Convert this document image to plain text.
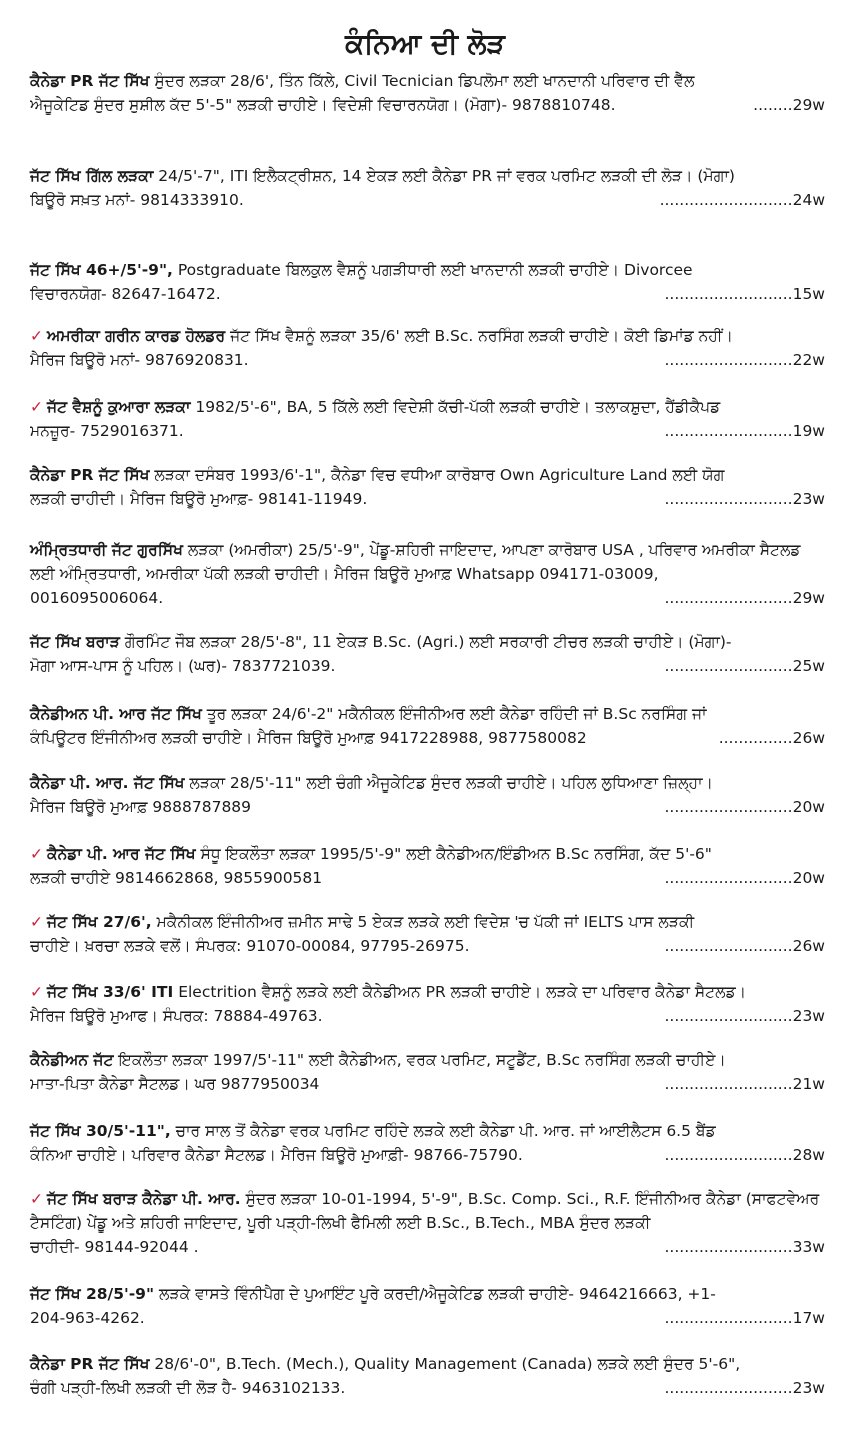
ਕੰਨਿਆ ਦੀ ਲੋੜ
ਕੈਨੇਡਾ PR ਜੱਟ ਸਿੱਖ ਸੁੰਦਰ ਲੜਕਾ 28/6', ਤਿੰਨ ਕਿੱਲੇ, Civil Tecnician ਡਿਪਲੋਮਾ ਲਈ ਖਾਨਦਾਨੀ ਪਰਿਵਾਰ ਦੀ ਵੈੱਲ
ਐਜੂਕੇਟਿਡ ਸੁੰਦਰ ਸੁਸ਼ੀਲ ਕੱਦ 5'-5" ਲੜਕੀ ਚਾਹੀਏ। ਵਿਦੇਸ਼ੀ ਵਿਚਾਰਨਯੋਗ। (ਮੋਗਾ)- 9878810748.	........29w
ਜੱਟ ਸਿੱਖ ਗਿੱਲ ਲੜਕਾ 24/5'-7", ITI ਇਲੈਕਟ੍ਰੀਸ਼ਨ, 14 ਏਕੜ ਲਈ ਕੈਨੇਡਾ PR ਜਾਂ ਵਰਕ ਪਰਮਿਟ ਲੜਕੀ ਦੀ ਲੋੜ। (ਮੋਗਾ)
ਬਿਊਰੋ ਸਖ਼ਤ ਮਨਾਂ- 9814333910.	...........................24w
ਜੱਟ ਸਿੱਖ 46+/5'-9", Postgraduate ਬਿਲਕੁਲ ਵੈਸ਼ਨੂੰ ਪਗੜੀਧਾਰੀ ਲਈ ਖਾਨਦਾਨੀ ਲੜਕੀ ਚਾਹੀਏ। Divorcee
ਵਿਚਾਰਨਯੋਗ- 82647-16472.	..........................15w
✓ ਅਮਰੀਕਾ ਗਰੀਨ ਕਾਰਡ ਹੋਲਡਰ ਜੱਟ ਸਿੱਖ ਵੈਸ਼ਨੂੰ ਲੜਕਾ 35/6' ਲਈ B.Sc. ਨਰਸਿੰਗ ਲੜਕੀ ਚਾਹੀਏ। ਕੋਈ ਡਿਮਾਂਡ ਨਹੀਂ।
ਮੈਰਿਜ ਬਿਊਰੋ ਮਨਾਂ- 9876920831.	..........................22w
✓ ਜੱਟ ਵੈਸ਼ਨੂੰ ਕੁਆਰਾ ਲੜਕਾ 1982/5'-6", BA, 5 ਕਿੱਲੇ ਲਈ ਵਿਦੇਸ਼ੀ ਕੱਚੀ-ਪੱਕੀ ਲੜਕੀ ਚਾਹੀਏ। ਤਲਾਕਸ਼ੁਦਾ, ਹੈਂਡੀਕੈਪਡ
ਮਨਜ਼ੂਰ- 7529016371.	..........................19w
ਕੈਨੇਡਾ PR ਜੱਟ ਸਿੱਖ ਲੜਕਾ ਦਸੰਬਰ 1993/6'-1", ਕੈਨੇਡਾ ਵਿਚ ਵਧੀਆ ਕਾਰੋਬਾਰ Own Agriculture Land ਲਈ ਯੋਗ
ਲੜਕੀ ਚਾਹੀਦੀ। ਮੈਰਿਜ ਬਿਊਰੋ ਮੁਆਫ਼- 98141-11949.	..........................23w
ਅੰਮ੍ਰਿਤਧਾਰੀ ਜੱਟ ਗੁਰਸਿੱਖ ਲੜਕਾ (ਅਮਰੀਕਾ) 25/5'-9", ਪੇਂਡੂ-ਸ਼ਹਿਰੀ ਜਾਇਦਾਦ, ਆਪਣਾ ਕਾਰੋਬਾਰ USA , ਪਰਿਵਾਰ ਅਮਰੀਕਾ ਸੈਟਲਡ ਲਈ ਅੰਮ੍ਰਿਤਧਾਰੀ, ਅਮਰੀਕਾ ਪੱਕੀ ਲੜਕੀ ਚਾਹੀਦੀ। ਮੈਰਿਜ ਬਿਊਰੋ ਮੁਆਫ਼ Whatsapp 094171-03009,
0016095006064.	..........................29w
ਜੱਟ ਸਿੱਖ ਬਰਾੜ ਗੌਰਮਿੰਟ ਜੌਬ ਲੜਕਾ 28/5'-8", 11 ਏਕੜ B.Sc. (Agri.) ਲਈ ਸਰਕਾਰੀ ਟੀਚਰ ਲੜਕੀ ਚਾਹੀਏ। (ਮੋਗਾ)-
ਮੋਗਾ ਆਸ-ਪਾਸ ਨੂੰ ਪਹਿਲ। (ਘਰ)- 7837721039.	..........................25w
ਕੈਨੇਡੀਅਨ ਪੀ. ਆਰ ਜੱਟ ਸਿੱਖ ਤੂਰ ਲੜਕਾ 24/6'-2" ਮਕੈਨੀਕਲ ਇੰਜੀਨੀਅਰ ਲਈ ਕੈਨੇਡਾ ਰਹਿੰਦੀ ਜਾਂ B.Sc ਨਰਸਿੰਗ ਜਾਂ
ਕੰਪਿਊਟਰ ਇੰਜੀਨੀਅਰ ਲੜਕੀ ਚਾਹੀਏ। ਮੈਰਿਜ ਬਿਊਰੋ ਮੁਆਫ਼ 9417228988, 9877580082	...............26w
ਕੈਨੇਡਾ ਪੀ. ਆਰ. ਜੱਟ ਸਿੱਖ ਲੜਕਾ 28/5'-11" ਲਈ ਚੰਗੀ ਐਜੂਕੇਟਿਡ ਸੁੰਦਰ ਲੜਕੀ ਚਾਹੀਏ। ਪਹਿਲ ਲੁਧਿਆਣਾ ਜ਼ਿਲ੍ਹਾ।
ਮੈਰਿਜ ਬਿਊਰੋ ਮੁਆਫ਼ 9888787889	..........................20w
✓ ਕੈਨੇਡਾ ਪੀ. ਆਰ ਜੱਟ ਸਿੱਖ ਸੰਧੂ ਇਕਲੌਤਾ ਲੜਕਾ 1995/5'-9" ਲਈ ਕੈਨੇਡੀਅਨ/ਇੰਡੀਅਨ B.Sc ਨਰਸਿੰਗ, ਕੱਦ 5'-6"
ਲੜਕੀ ਚਾਹੀਏ 9814662868, 9855900581	..........................20w
✓ ਜੱਟ ਸਿੱਖ 27/6', ਮਕੈਨੀਕਲ ਇੰਜੀਨੀਅਰ ਜ਼ਮੀਨ ਸਾਢੇ 5 ਏਕੜ ਲੜਕੇ ਲਈ ਵਿਦੇਸ਼ 'ਚ ਪੱਕੀ ਜਾਂ IELTS ਪਾਸ ਲੜਕੀ
ਚਾਹੀਏ। ਖ਼ਰਚਾ ਲੜਕੇ ਵਲੋਂ। ਸੰਪਰਕ: 91070-00084, 97795-26975.	..........................26w
✓ ਜੱਟ ਸਿੱਖ 33/6' ITI Electrition ਵੈਸ਼ਨੂੰ ਲੜਕੇ ਲਈ ਕੈਨੇਡੀਅਨ PR ਲੜਕੀ ਚਾਹੀਏ। ਲੜਕੇ ਦਾ ਪਰਿਵਾਰ ਕੈਨੇਡਾ ਸੈਟਲਡ।
ਮੈਰਿਜ ਬਿਊਰੋ ਮੁਆਫ। ਸੰਪਰਕ: 78884-49763.	..........................23w
ਕੈਨੇਡੀਅਨ ਜੱਟ ਇਕਲੌਤਾ ਲੜਕਾ 1997/5'-11" ਲਈ ਕੈਨੇਡੀਅਨ, ਵਰਕ ਪਰਮਿਟ, ਸਟੂਡੈਂਟ, B.Sc ਨਰਸਿੰਗ ਲੜਕੀ ਚਾਹੀਏ।
ਮਾਤਾ-ਪਿਤਾ ਕੈਨੇਡਾ ਸੈਟਲਡ। ਘਰ 9877950034	..........................21w
ਜੱਟ ਸਿੱਖ 30/5'-11", ਚਾਰ ਸਾਲ ਤੋਂ ਕੈਨੇਡਾ ਵਰਕ ਪਰਮਿਟ ਰਹਿੰਦੇ ਲੜਕੇ ਲਈ ਕੈਨੇਡਾ ਪੀ. ਆਰ. ਜਾਂ ਆਈਲੈਟਸ 6.5 ਬੈਂਡ
ਕੰਨਿਆ ਚਾਹੀਏ। ਪਰਿਵਾਰ ਕੈਨੇਡਾ ਸੈਟਲਡ। ਮੈਰਿਜ ਬਿਊਰੋ ਮੁਆਫ਼ੀ- 98766-75790.	..........................28w
✓ ਜੱਟ ਸਿੱਖ ਬਰਾੜ ਕੈਨੇਡਾ ਪੀ. ਆਰ. ਸੁੰਦਰ ਲੜਕਾ 10-01-1994, 5'-9", B.Sc. Comp. Sci., R.F. ਇੰਜੀਨੀਅਰ ਕੈਨੇਡਾ (ਸਾਫਟਵੇਅਰ ਟੈਸਟਿੰਗ) ਪੇਂਡੂ ਅਤੇ ਸ਼ਹਿਰੀ ਜਾਇਦਾਦ, ਪੂਰੀ ਪੜ੍ਹੀ-ਲਿਖੀ ਫੈਮਿਲੀ ਲਈ B.Sc., B.Tech., MBA ਸੁੰਦਰ ਲੜਕੀ
ਚਾਹੀਦੀ- 98144-92044 .	..........................33w
ਜੱਟ ਸਿੱਖ 28/5'-9" ਲੜਕੇ ਵਾਸਤੇ ਵਿੰਨੀਪੈਗ ਦੇ ਪੁਆਇੰਟ ਪੂਰੇ ਕਰਦੀ/ਐਜੂਕੇਟਿਡ ਲੜਕੀ ਚਾਹੀਏ- 9464216663, +1-
204-963-4262.	..........................17w
ਕੈਨੇਡਾ PR ਜੱਟ ਸਿੱਖ 28/6'-0", B.Tech. (Mech.), Quality Management (Canada) ਲੜਕੇ ਲਈ ਸੁੰਦਰ 5'-6",
ਚੰਗੀ ਪੜ੍ਹੀ-ਲਿਖੀ ਲੜਕੀ ਦੀ ਲੋੜ ਹੈ- 9463102133.	..........................23w
